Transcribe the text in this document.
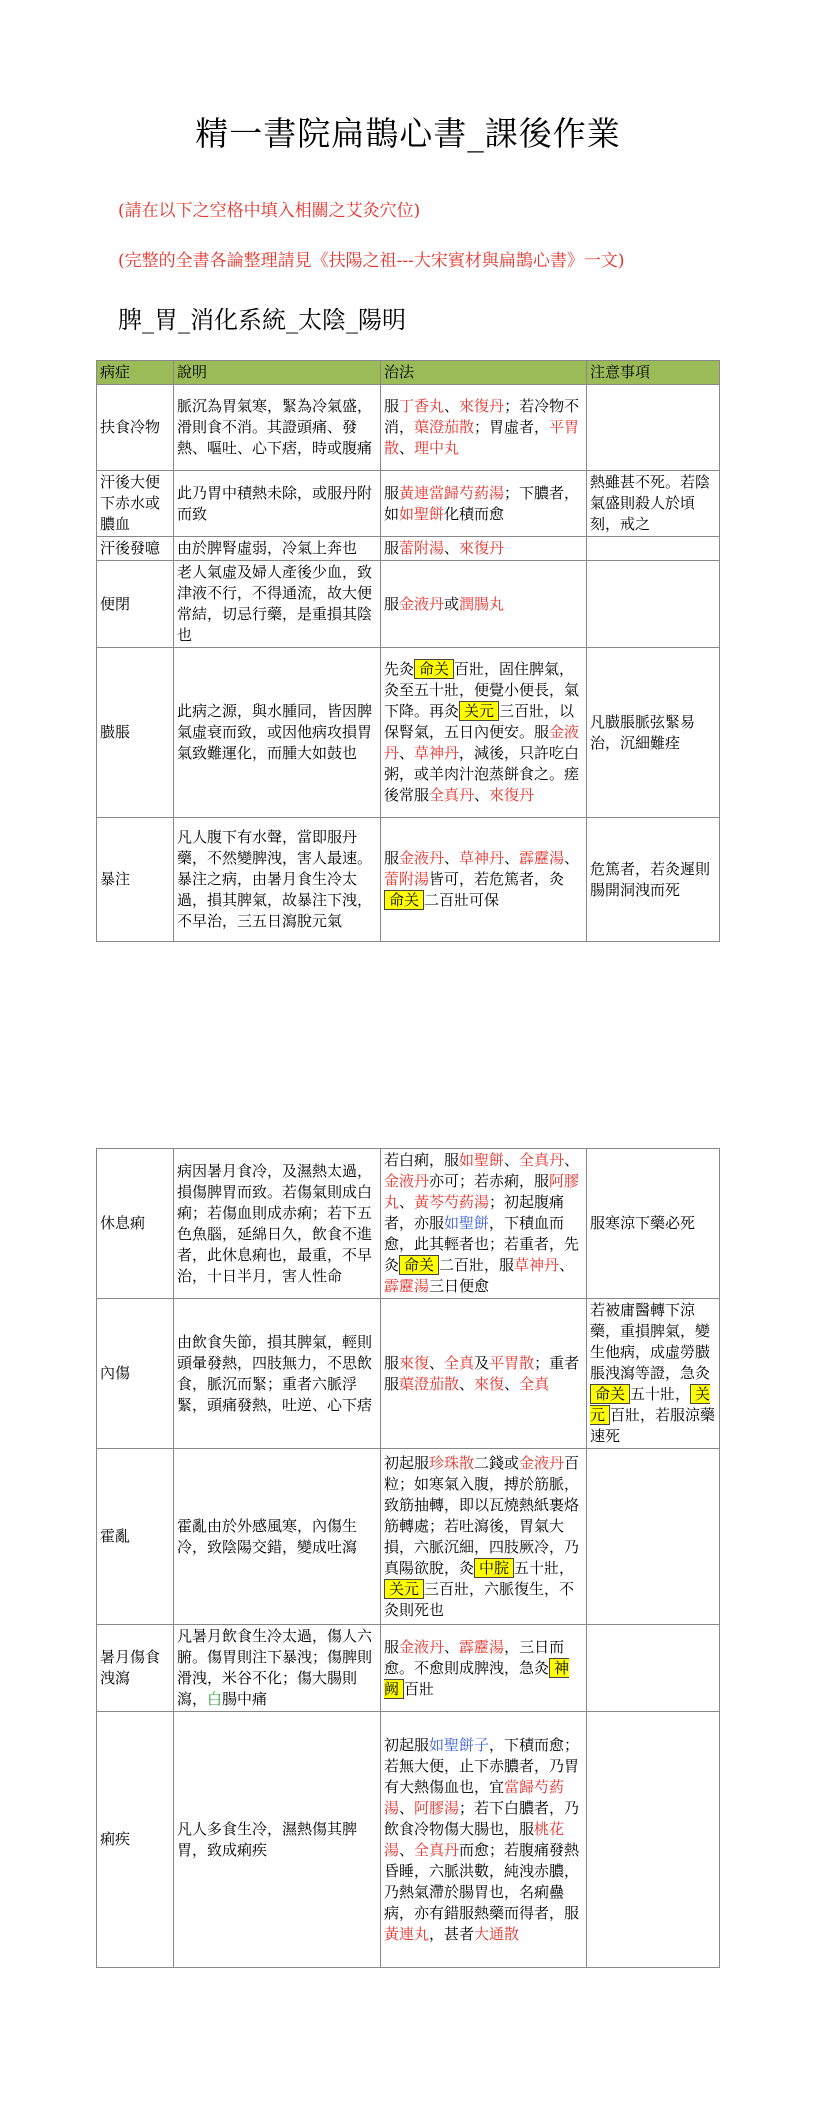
精一書院扁鵲心書_課後作業
(請在以下之空格中填入相關之艾灸穴位)
(完整的全書各論整理請見《扶陽之祖---大宋賓材與扁鵲心書》一文)
脾_胃_消化系統_太陰_陽明
病症	說明	治法	注意事項
扶食冷物	脈沉為胃氣寒，緊為冷氣盛，滑則食不消。其證頭痛、發熱、嘔吐、心下痞，時或腹痛	服丁香丸、來復丹；若冷物不消，蕖澄茄散；胃虛者，平胃散、理中丸	
汗後大便下赤水或膿血	此乃胃中積熱未除，或服丹附而致	服黃連當歸芍葯湯；下膿者，如如聖餅化積而愈	熱雖甚不死。若陰氣盛則殺人於頃刻，戒之
汗後發噫	由於脾腎虛弱，冷氣上奔也	服蕾附湯、來復丹	
便閉	老人氣虛及婦人產後少血，致津液不行，不得通流，故大便常結，切忌行藥，是重損其陰也	服金液丹或潤腸丸	
臌脹	此病之源，與水腫同，皆因脾氣虛衰而致，或因他病攻損胃氣致難運化，而腫大如鼓也	先灸 命关 百壯，固住脾氣，灸至五十壯，便覺小便長，氣下降。再灸 关元 三百壯，以保腎氣，五日內便安。服金液丹、草神丹，減後，只許吃白粥，或羊肉汁泡蒸餅食之。瘥後常服全真丹、來復丹	凡臌脹脈弦緊易治，沉細難痊
暴注	凡人腹下有水聲，當即服丹藥，不然變脾洩，害人最速。暴注之病，由暑月食生冷太過，損其脾氣，故暴注下洩，不早治，三五日瀉脫元氣	服金液丹、草神丹、霹靂湯、蕾附湯皆可，若危篤者，灸命关 二百壯可保	危篤者，若灸遲則腸開洞洩而死
休息痢	病因暑月食冷，及濕熱太過，損傷脾胃而致。若傷氣則成白痢；若傷血則成赤痢；若下五色魚腦，延綿日久，飲食不進者，此休息痢也，最重，不早治，十日半月，害人性命	若白痢，服如聖餅、全真丹、金液丹亦可；若赤痢，服阿膠丸、黃芩芍葯湯；初起腹痛者，亦服如聖餅，下積血而愈，此其輕者也；若重者，先灸 命关 二百壯，服草神丹、霹靂湯三日便愈	服寒涼下藥必死
內傷	由飲食失節，損其脾氣，輕則頭暈發熱，四肢無力，不思飲食，脈沉而緊；重者六脈浮緊，頭痛發熱，吐逆、心下痞	服來復、全真及平胃散；重者服蕖澄茄散、來復、全真	若被庸醫轉下涼藥，重損脾氣，變生他病，成虛勞臌脹洩瀉等證，急灸命关 五十壯， 关元 百壯，若服涼藥速死
霍亂	霍亂由於外感風寒，內傷生冷，致陰陽交錯，變成吐瀉	初起服珍珠散二錢或金液丹百粒；如寒氣入腹，搏於筋脈，致筋抽轉，即以瓦燒熱紙裹烙筋轉處；若吐瀉後，胃氣大損，六脈沉細，四肢厥冷，乃真陽欲脫，灸 中脘 五十壯，关元 三百壯，六脈復生，不灸則死也	
暑月傷食洩瀉	凡暑月飲食生冷太過，傷人六腑。傷胃則注下暴洩；傷脾則滑洩，米谷不化；傷大腸則瀉，白腸中痛	服金液丹、霹靂湯，三日而愈。不愈則成脾洩，急灸 神阙 百壯	
痢疾	凡人多食生冷，濕熱傷其脾胃，致成痢疾	初起服如聖餅子，下積而愈；若無大便，止下赤膿者，乃胃有大熱傷血也，宜當歸芍葯湯、阿膠湯；若下白膿者，乃飲食冷物傷大腸也，服桃花湯、全真丹而愈；若腹痛發熱昏睡，六脈洪數，純洩赤膿，乃熱氣滯於腸胃也，名痢蠱病，亦有錯服熱藥而得者，服黃連丸，甚者大通散	
